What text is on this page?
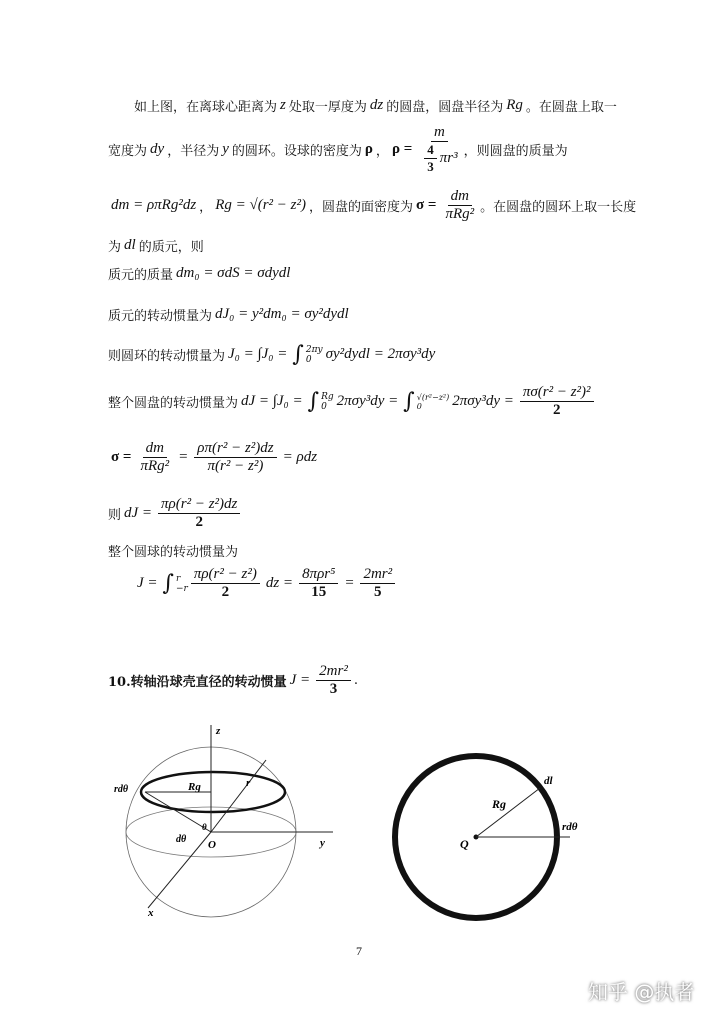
如上图，在离球心距离为 z 处取一厚度为 dz 的圆盘，圆盘半径为 Rg 。在圆盘上取一
宽度为 dy ，半径为 y 的圆环。设球的密度为 ρ ， $\rho = \frac{m}{\frac{4}{3} \pi r^3}$ ，则圆盘的质量为
dm = ρπRg²dz ， Rg = √(r² − z²) ，圆盘的面密度为 σ =
dm
πRg² 。在圆盘的圆环上取一长度
为 dl 的质元，则
质元的质量 dm₀ = σdS = σdydl
质元的转动惯量为 dJ₀ = y²dm₀ = σy²dydl
则圆环的转动惯量为 J₀ = ∫J₀ = ∫ 2πy
0 σy²dydl = 2πσy³dy
整个圆盘的转动惯量为 dJ = ∫J₀ = ∫ Rg
0 2πσy³dy = ∫ √(r²−z²)
0	$2\pi\sigma y^3dy = \frac{\text{πσ(r² − z²)²}}{2}$
σ =
dm
πRg²
= $\frac{\text{ρπ(r² − z²)dz}}{\text{π(r² − z²)}} = \rho dz$
则 dJ = $\frac{\text{πρ(r² − z²)dz}}{2}$
整个圆球的转动惯量为
J = ∫ r
$-r \frac{\text{πρ(r² − z²)}}{2}$ dz =
8πρr⁵
15
= $\frac{\text{2mr²}}{5}$
10.转轴沿球壳直径的转动惯量 $J = \frac{\text{2mr²}}{3}$ .
z
y
x
r
Rg
O
θ
dθ
rdθ
Q
Rg
dl
rdθ
7
知乎 @执者
